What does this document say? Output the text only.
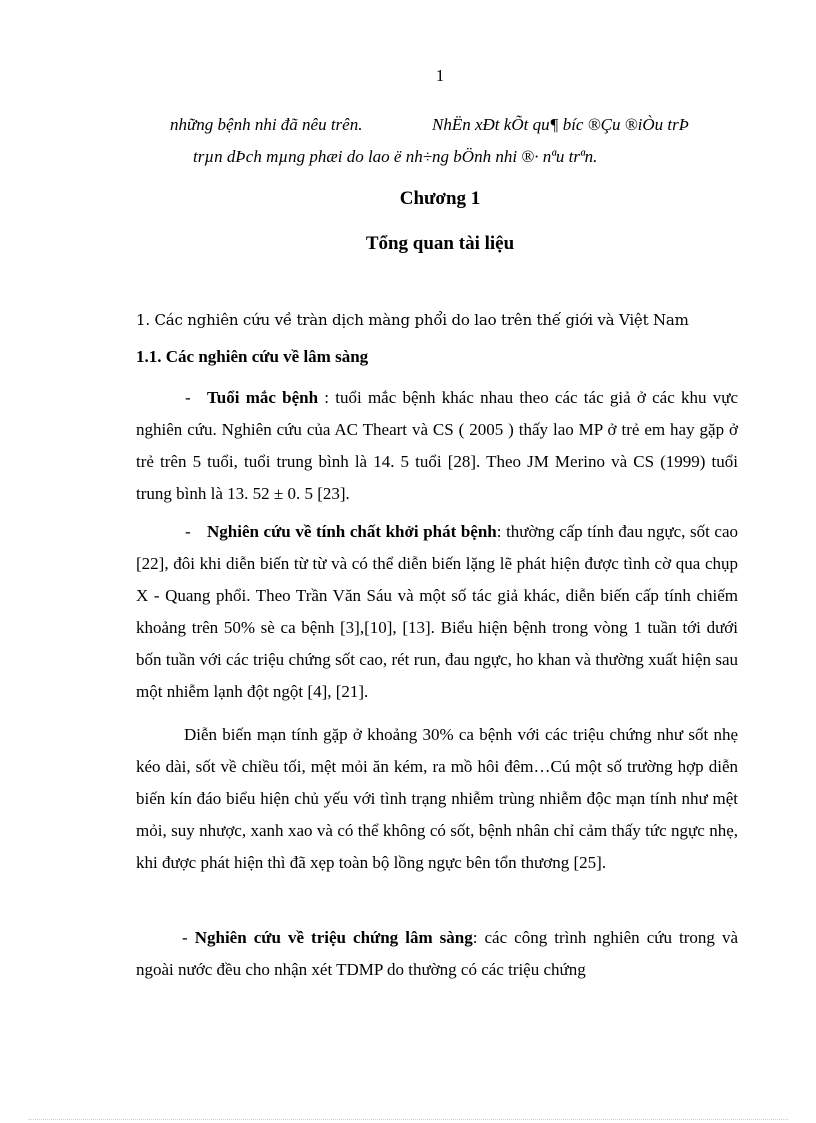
1
những bệnh nhi đã nêu trên.	NhËn xÐt kÕt qu¶ bíc ®Çu ®iÒu trÞ
trµn dÞch mµng phæi do lao ë nh÷ng bÖnh nhi ®· nªu trªn.
Chương 1
Tổng quan tài liệu
1. Các nghiên cứu về tràn dịch màng phổi do lao trên thế giới và Việt Nam
1.1. Các nghiên cứu về lâm sàng
- Tuổi mắc bệnh : tuổi mắc bệnh khác nhau theo các tác giả ở các khu vực nghiên cứu. Nghiên cứu của AC Theart và CS ( 2005 ) thấy lao MP ở trẻ em hay gặp ở trẻ trên 5 tuổi, tuổi trung bình là 14. 5 tuổi [28]. Theo JM Merino và CS (1999) tuổi trung bình là 13. 52 ± 0. 5 [23].
- Nghiên cứu về tính chất khởi phát bệnh: thường cấp tính đau ngực, sốt cao [22], đôi khi diễn biến từ từ và có thể diễn biến lặng lẽ phát hiện được tình cờ qua chụp X - Quang phổi. Theo Trần Văn Sáu và một số tác giả khác, diễn biến cấp tính chiếm khoảng trên 50% sè ca bệnh [3],[10], [13]. Biểu hiện bệnh trong vòng 1 tuần tới dưới bốn tuần với các triệu chứng sốt cao, rét run, đau ngực, ho khan và thường xuất hiện sau một nhiễm lạnh đột ngột [4], [21].
Diễn biến mạn tính gặp ở khoảng 30% ca bệnh với các triệu chứng như sốt nhẹ kéo dài, sốt về chiều tối, mệt mỏi ăn kém, ra mồ hôi đêm…Cú một số trường hợp diễn biến kín đáo biểu hiện chủ yếu với tình trạng nhiễm trùng nhiễm độc mạn tính như mệt mỏi, suy nhược, xanh xao và có thể không có sốt, bệnh nhân chỉ cảm thấy tức ngực nhẹ, khi được phát hiện thì đã xẹp toàn bộ lồng ngực bên tổn thương [25].
- Nghiên cứu về triệu chứng lâm sàng: các công trình nghiên cứu trong và ngoài nước đều cho nhận xét TDMP do thường có các triệu chứng
